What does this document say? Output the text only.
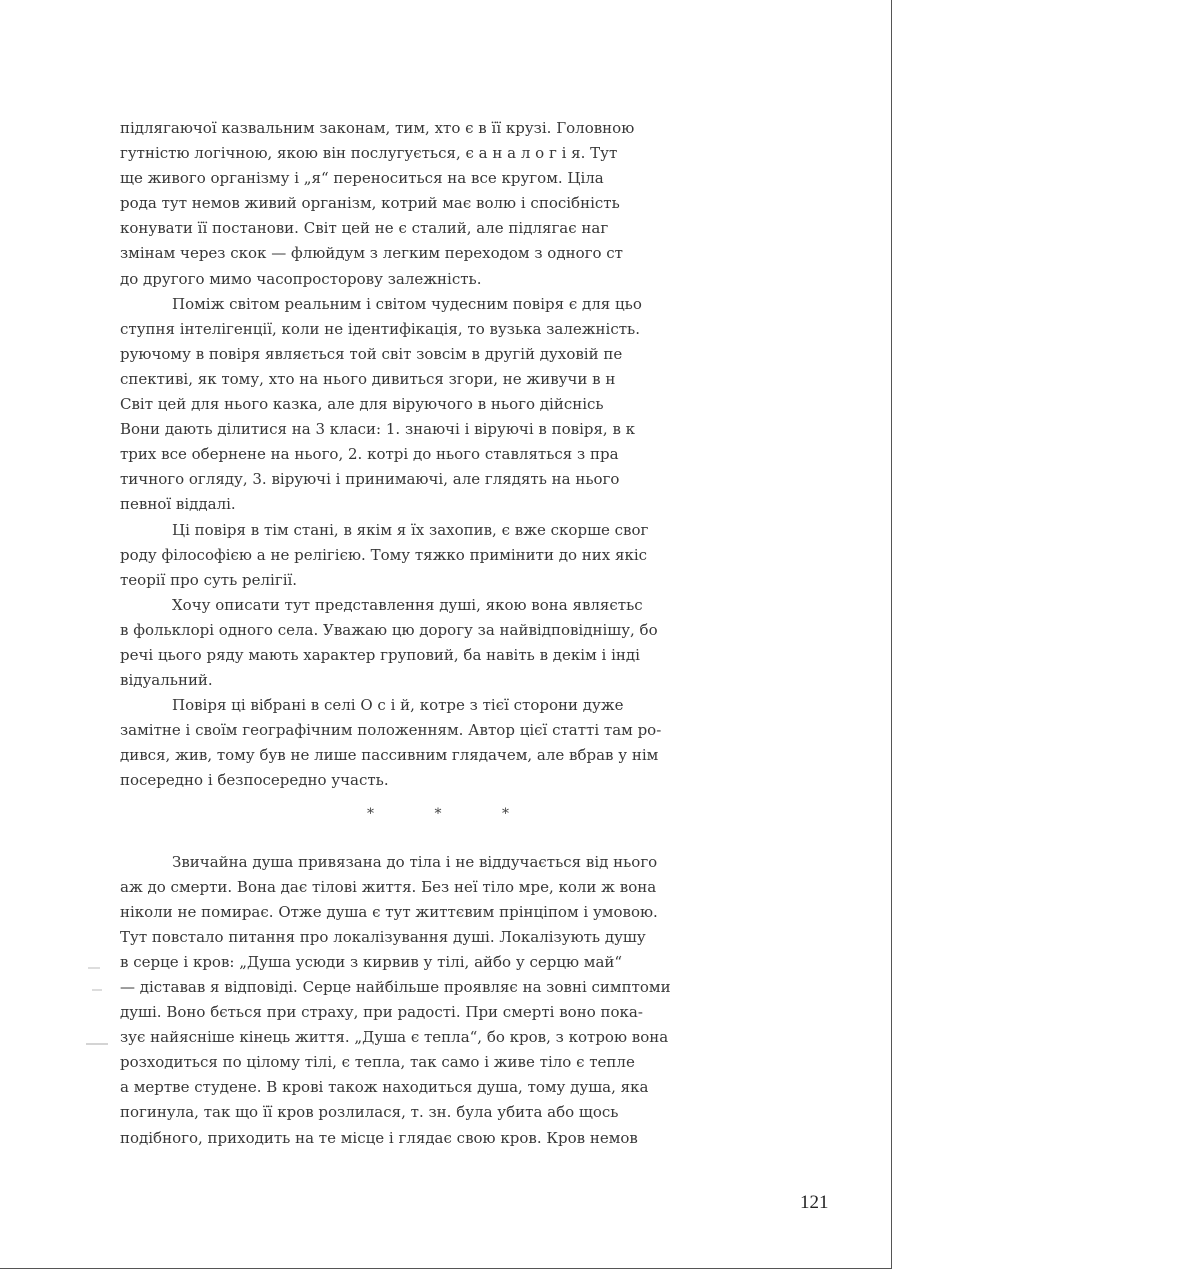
підлягаючої казвальним законам, тим, хто є в її крузі. Головною
гутністю логічною, якою він послугується, є а н а л о г і я. Тут
ще живого організму і „я“ переноситься на все кругом. Ціла
рода тут немов живий організм, котрий має волю і спосібність
конувати її постанови. Світ цей не є сталий, але підлягає наг
змінам через скок — флюйдум з легким переходом з одного ст
до другого мимо часопросторову залежність.
Поміж світом реальним і світом чудесним повіря є для цьо
ступня інтелігенції, коли не ідентифікація, то вузька залежність.
руючому в повіря являється той світ зовсім в другій духовій пе
спективі, як тому, хто на нього дивиться згори, не живучи в н
Світ цей для нього казка, але для віруючого в нього дійснісь
Вони дають ділитися на 3 класи: 1. знаючі і віруючі в повіря, в к
трих все обернене на нього, 2. котрі до нього ставляться з пра
тичного огляду, 3. віруючі і принимаючі, але глядять на нього
певної віддалі.
Ці повіря в тім стані, в якім я їх захопив, є вже скорше свог
роду філософією а не релігією. Тому тяжко примінити до них якіс
теорії про суть релігії.
Хочу описати тут представлення душі, якою вона являєтьс
в фольклорі одного села. Уважаю цю дорогу за найвідповіднішу, бо
речі цього ряду мають характер груповий, ба навіть в декім і інді
відуальний.
Повіря ці вібрані в селі О с і й, котре з тієї сторони дуже
замітне і своїм географічним положенням. Автор цієї статті там ро-
дився, жив, тому був не лише пассивним глядачем, але вбрав у нім
посередно і безпосередно участь.
* * *
Звичайна душа привязана до тіла і не віддучається від нього
аж до смерти. Вона дає тілові життя. Без неї тіло мре, коли ж вона
ніколи не помирає. Отже душа є тут життєвим прінціпом і умовою.
Тут повстало питання про локалізування душі. Локалізують душу
в серце і кров: „Душа усюди з кирвив у тілі, айбо у серцю май“
— діставав я відповіді. Серце найбільше проявляє на зовні симптоми
душі. Воно бється при страху, при радості. При смерті воно пока-
зує найясніше кінець життя. „Душа є тепла“, бо кров, з котрою вона
розходиться по цілому тілі, є тепла, так само і живе тіло є тепле
а мертве студене. В крові також находиться душа, тому душа, яка
погинула, так що її кров розлилася, т. зн. була убита або щось
подібного, приходить на те місце і глядає свою кров. Кров немов
121
